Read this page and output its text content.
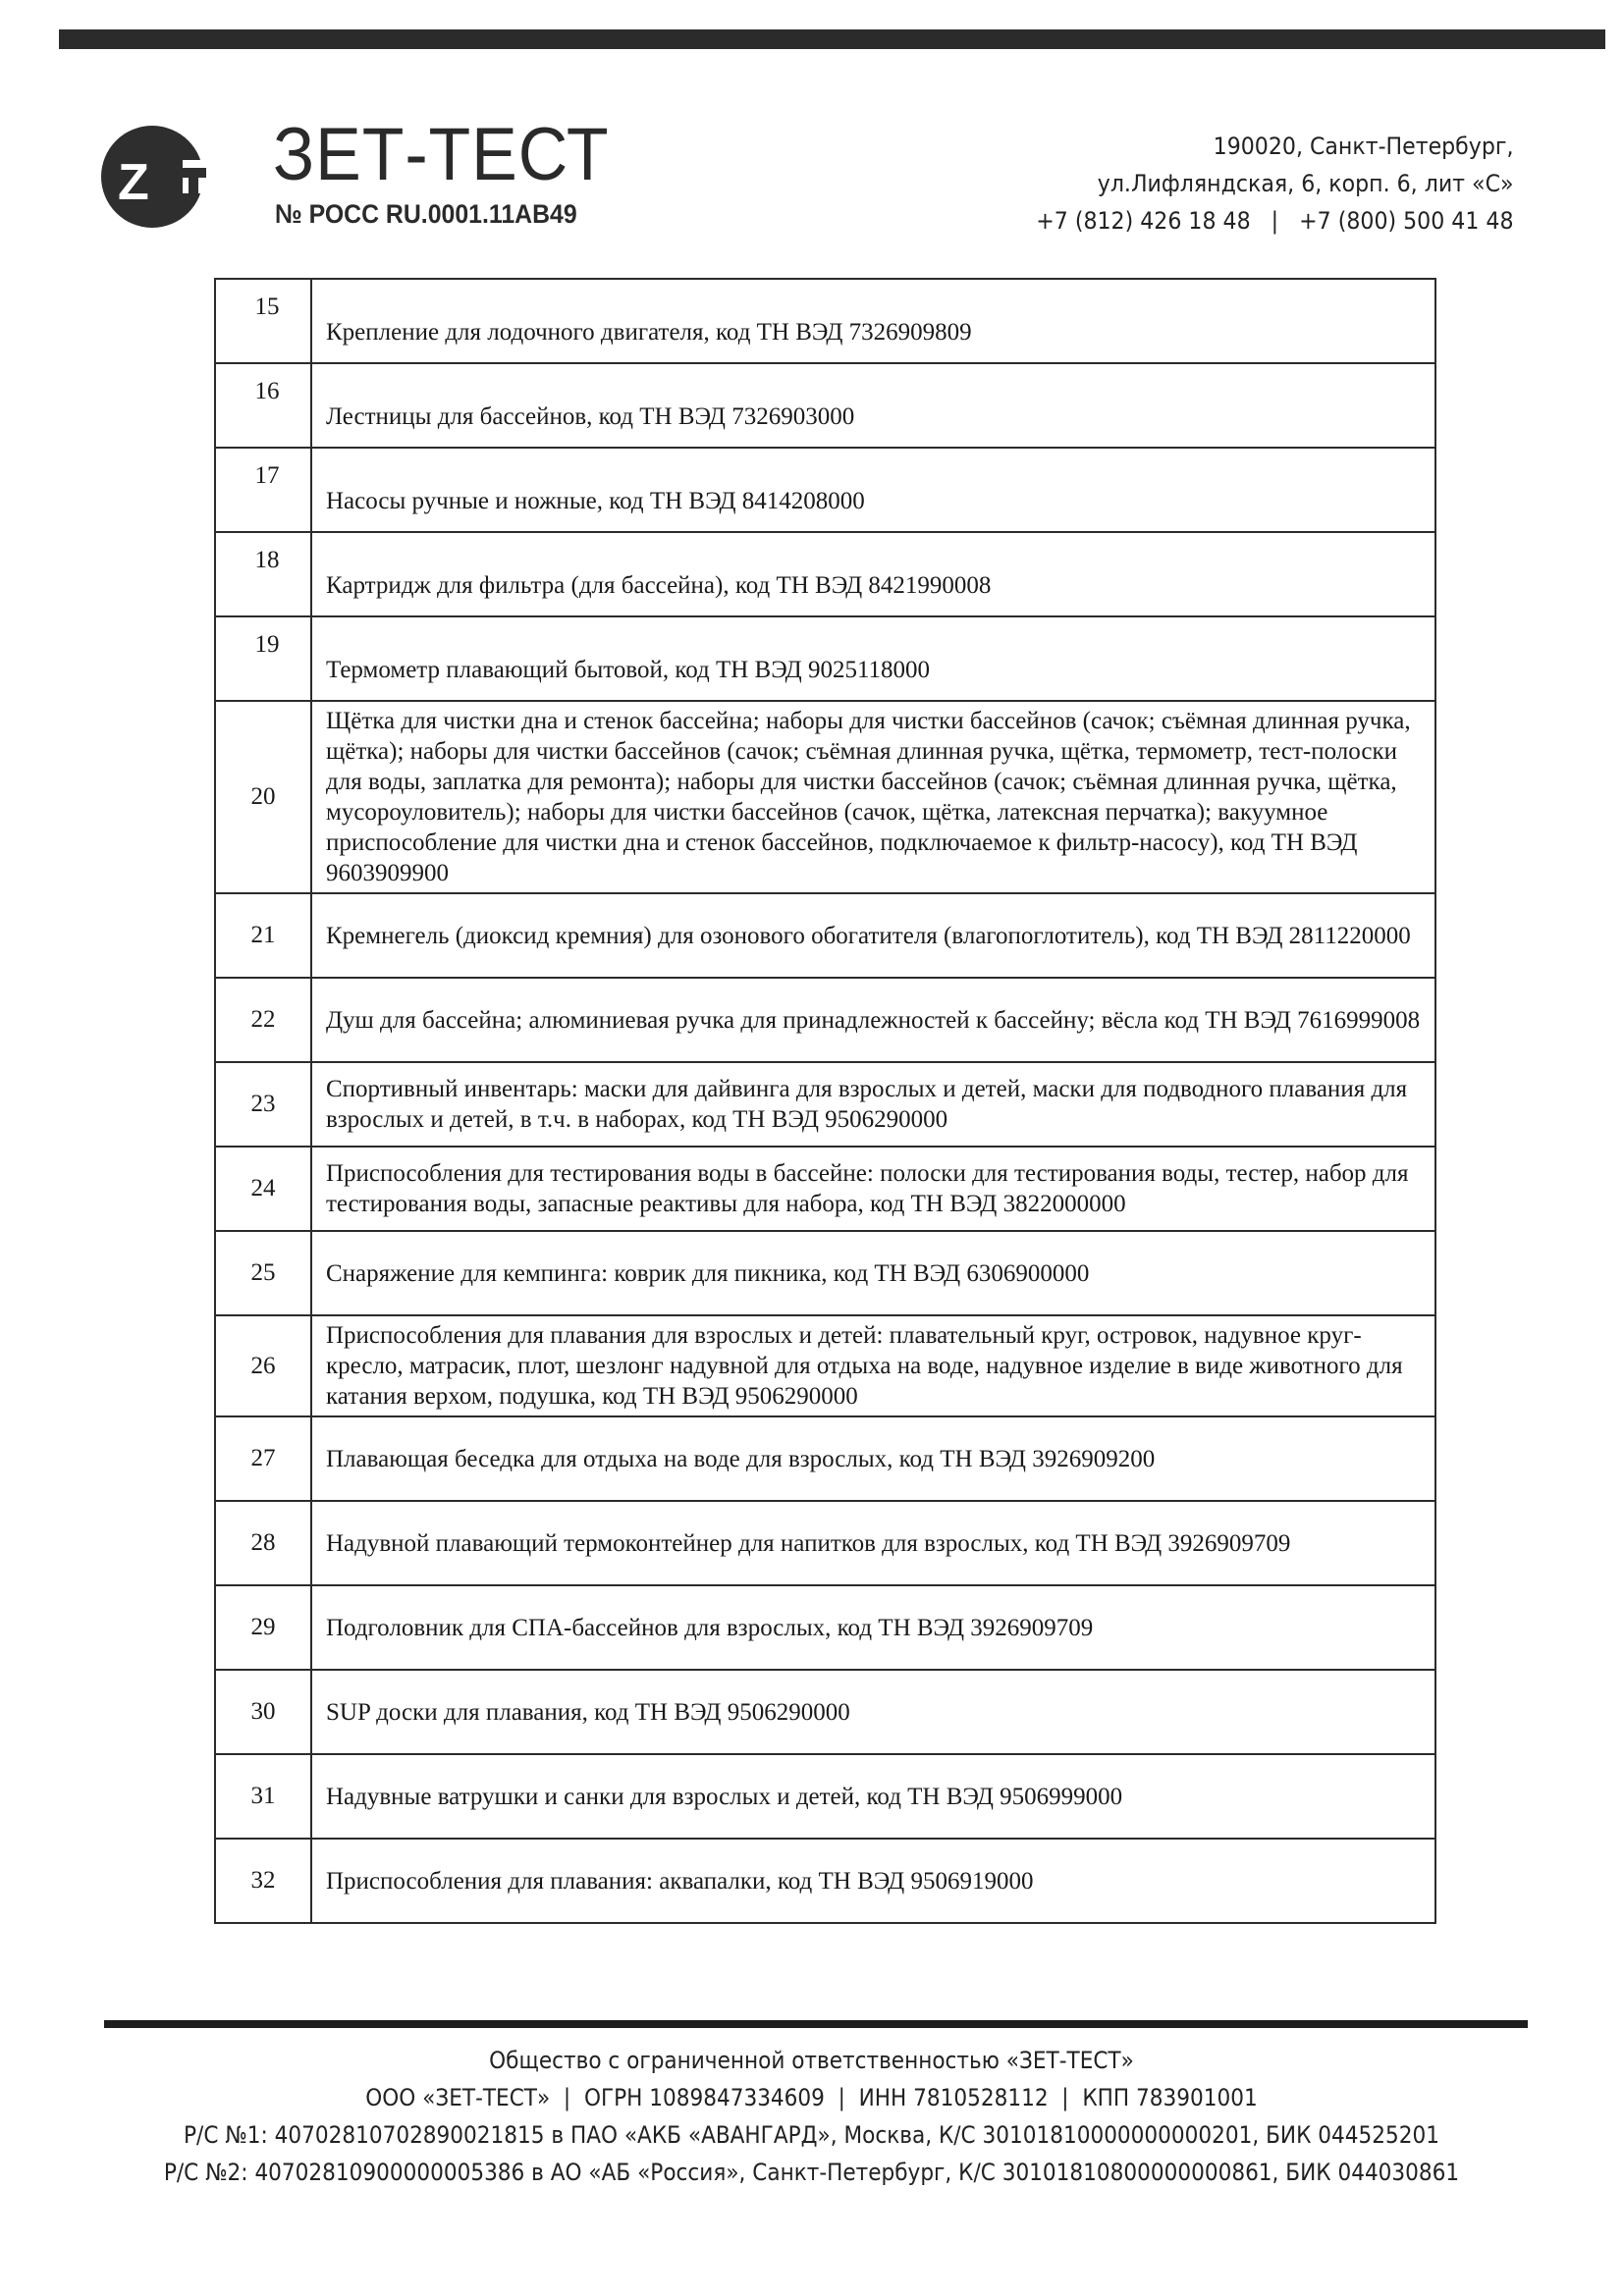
Z ЗЕТ-ТЕСТ
№ РОСС RU.0001.11АВ49
190020, Санкт-Петербург,
ул.Лифляндская, 6, корп. 6, лит «С»
+7 (812) 426 18 48   |   +7 (800) 500 41 48
15	Крепление для лодочного двигателя, код ТН ВЭД 7326909809
16	Лестницы для бассейнов, код ТН ВЭД 7326903000
17	Насосы ручные и ножные, код ТН ВЭД 8414208000
18	Картридж для фильтра (для бассейна), код ТН ВЭД 8421990008
19	Термометр плавающий бытовой, код ТН ВЭД 9025118000
20	Щётка для чистки дна и стенок бассейна; наборы для чистки бассейнов (сачок; съёмная длинная ручка, щётка); наборы для чистки бассейнов (сачок; съёмная длинная ручка, щётка, термометр, тест-полоски для воды, заплатка для ремонта); наборы для чистки бассейнов (сачок; съёмная длинная ручка, щётка, мусороуловитель); наборы для чистки бассейнов (сачок, щётка, латексная перчатка); вакуумное приспособление для чистки дна и стенок бассейнов, подключаемое к фильтр-насосу), код ТН ВЭД 9603909900
21	Кремнегель (диоксид кремния) для озонового обогатителя (влагопоглотитель), код ТН ВЭД 2811220000
22	Душ для бассейна; алюминиевая ручка для принадлежностей к бассейну; вёсла код ТН ВЭД 7616999008
23	Спортивный инвентарь: маски для дайвинга для взрослых и детей, маски для подводного плавания для взрослых и детей, в т.ч. в наборах, код ТН ВЭД 9506290000
24	Приспособления для тестирования воды в бассейне: полоски для тестирования воды, тестер, набор для тестирования воды, запасные реактивы для набора, код ТН ВЭД 3822000000
25	Снаряжение для кемпинга: коврик для пикника, код ТН ВЭД 6306900000
26	Приспособления для плавания для взрослых и детей: плавательный круг, островок, надувное круг-кресло, матрасик, плот, шезлонг надувной для отдыха на воде, надувное изделие в виде животного для катания верхом, подушка, код ТН ВЭД 9506290000
27	Плавающая беседка для отдыха на воде для взрослых, код ТН ВЭД 3926909200
28	Надувной плавающий термоконтейнер для напитков для взрослых, код ТН ВЭД 3926909709
29	Подголовник для СПА-бассейнов для взрослых, код ТН ВЭД 3926909709
30	SUP доски для плавания, код ТН ВЭД 9506290000
31	Надувные ватрушки и санки для взрослых и детей, код ТН ВЭД 9506999000
32	Приспособления для плавания: аквапалки, код ТН ВЭД 9506919000
Общество с ограниченной ответственностью «ЗЕТ-ТЕСТ»
ООО «ЗЕТ-ТЕСТ»  |  ОГРН 1089847334609  |  ИНН 7810528112  |  КПП 783901001
Р/С №1: 40702810702890021815 в ПАО «АКБ «АВАНГАРД», Москва, К/С 30101810000000000201, БИК 044525201
Р/С №2: 40702810900000005386 в АО «АБ «Россия», Санкт-Петербург, К/С 30101810800000000861, БИК 044030861
